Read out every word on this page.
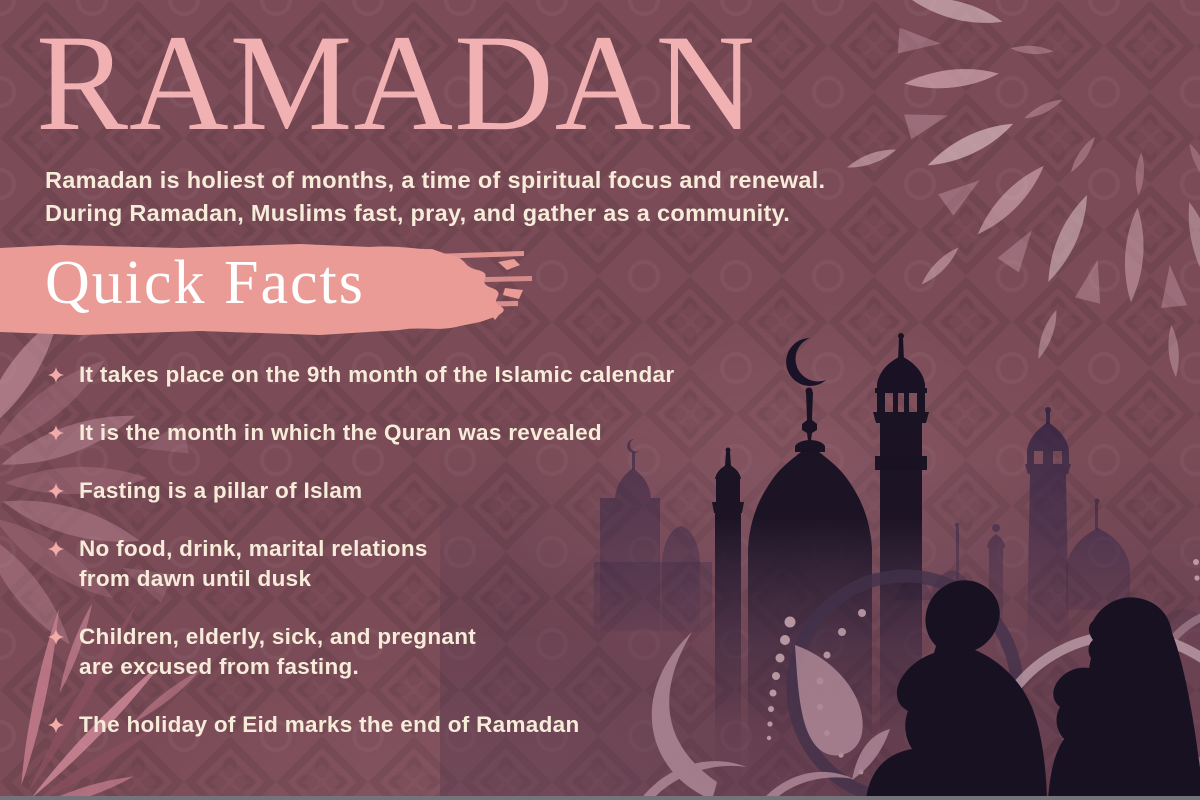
RAMADAN
Ramadan is holiest of months, a time of spiritual focus and renewal.
During Ramadan, Muslims fast, pray, and gather as a community.
Quick Facts
It takes place on the 9th month of the Islamic calendar
It is the month in which the Quran was revealed
Fasting is a pillar of Islam
No food, drink, marital relations
from dawn until dusk
Children, elderly, sick, and pregnant
are excused from fasting.
The holiday of Eid marks the end of Ramadan
